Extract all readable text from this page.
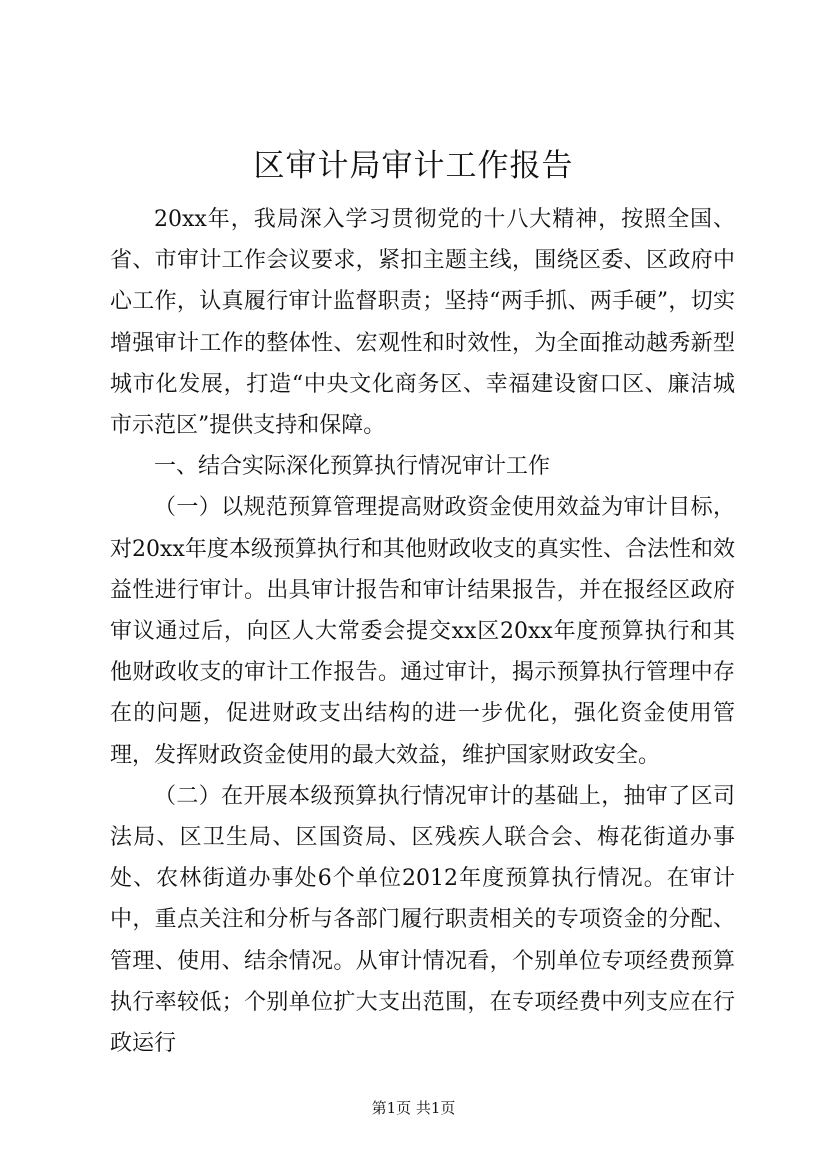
区审计局审计工作报告

20xx年，我局深入学习贯彻党的十八大精神，按照全国、省、市审计工作会议要求，紧扣主题主线，围绕区委、区政府中心工作，认真履行审计监督职责；坚持“两手抓、两手硬”，切实增强审计工作的整体性、宏观性和时效性，为全面推动越秀新型城市化发展，打造“中央文化商务区、幸福建设窗口区、廉洁城市示范区”提供支持和保障。

一、结合实际深化预算执行情况审计工作

（一）以规范预算管理提高财政资金使用效益为审计目标，对20xx年度本级预算执行和其他财政收支的真实性、合法性和效益性进行审计。出具审计报告和审计结果报告，并在报经区政府审议通过后，向区人大常委会提交xx区20xx年度预算执行和其他财政收支的审计工作报告。通过审计，揭示预算执行管理中存在的问题，促进财政支出结构的进一步优化，强化资金使用管理，发挥财政资金使用的最大效益，维护国家财政安全。

（二）在开展本级预算执行情况审计的基础上，抽审了区司法局、区卫生局、区国资局、区残疾人联合会、梅花街道办事处、农林街道办事处6个单位2012年度预算执行情况。在审计中，重点关注和分析与各部门履行职责相关的专项资金的分配、管理、使用、结余情况。从审计情况看，个别单位专项经费预算执行率较低；个别单位扩大支出范围，在专项经费中列支应在行政运行

第1页 共1页
